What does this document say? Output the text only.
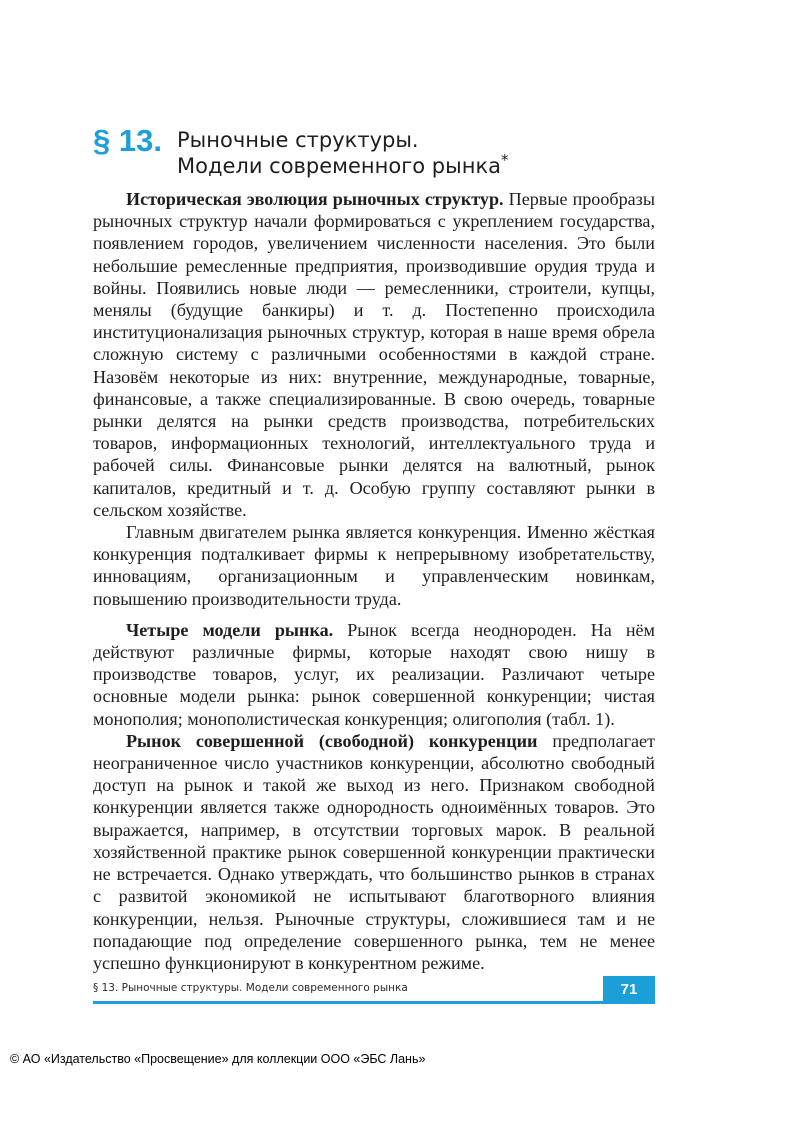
§ 13. Рыночные структуры.
Модели современного рынка*

Историческая эволюция рыночных структур. Первые прообразы рыночных структур начали формироваться с укреплением государства, появлением городов, увеличением численности населения. Это были небольшие ремесленные предприятия, производившие орудия труда и войны. Появились новые люди — ремесленники, строители, купцы, менялы (будущие банкиры) и т. д. Постепенно происходила институционализация рыночных структур, которая в наше время обрела сложную систему с различными особенностями в каждой стране. Назовём некоторые из них: внутренние, международные, товарные, финансовые, а также специализированные. В свою очередь, товарные рынки делятся на рынки средств производства, потребительских товаров, информационных технологий, интеллектуального труда и рабочей силы. Финансовые рынки делятся на валютный, рынок капиталов, кредитный и т. д. Особую группу составляют рынки в сельском хозяйстве.

Главным двигателем рынка является конкуренция. Именно жёсткая конкуренция подталкивает фирмы к непрерывному изобретательству, инновациям, организационным и управленческим новинкам, повышению производительности труда.

Четыре модели рынка. Рынок всегда неоднороден. На нём действуют различные фирмы, которые находят свою нишу в производстве товаров, услуг, их реализации. Различают четыре основные модели рынка: рынок совершенной конкуренции; чистая монополия; монополистическая конкуренция; олигополия (табл. 1).

Рынок совершенной (свободной) конкуренции предполагает неограниченное число участников конкуренции, абсолютно свободный доступ на рынок и такой же выход из него. Признаком свободной конкуренции является также однородность одноимённых товаров. Это выражается, например, в отсутствии торговых марок. В реальной хозяйственной практике рынок совершенной конкуренции практически не встречается. Однако утверждать, что большинство рынков в странах с развитой экономикой не испытывают благотворного влияния конкуренции, нельзя. Рыночные структуры, сложившиеся там и не попадающие под определение совершенного рынка, тем не менее успешно функционируют в конкурентном режиме.

§ 13. Рыночные структуры. Модели современного рынка	71
© АО «Издательство «Просвещение» для коллекции ООО «ЭБС Лань»
